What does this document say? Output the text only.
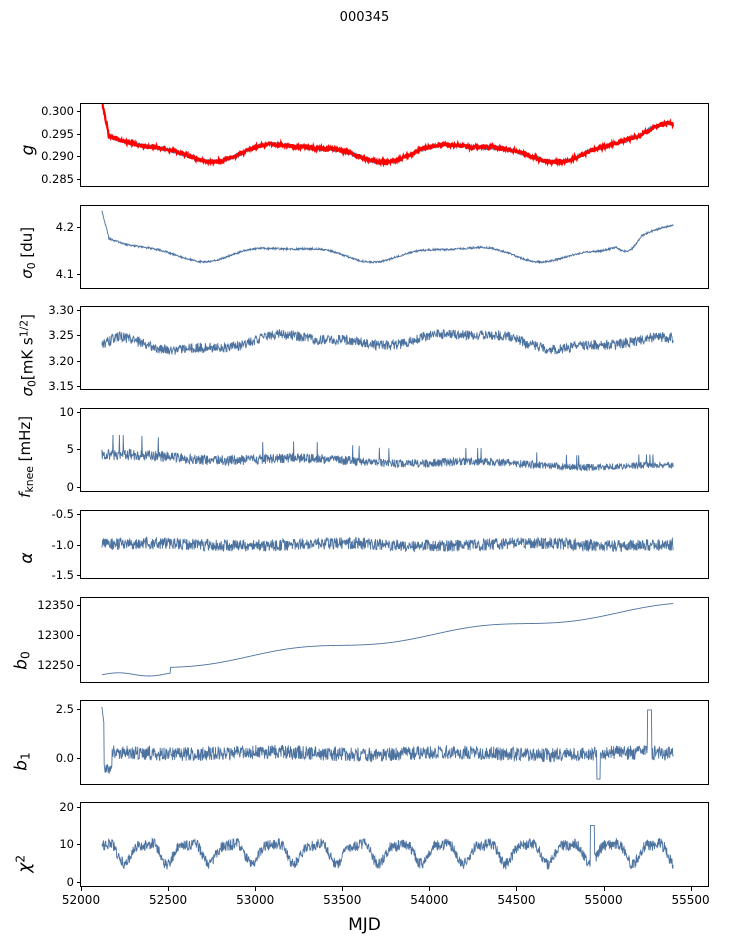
000345
g
$\sigma_0$ [du]
$\sigma_0[mK$ $s^{1/2}$]
$f_{knee}$ [mHz]
α
$b_0$
$b_1$
$\chi^2$
MJD
0.285
0.290
0.295
0.300
4.1
4.2
3.15
3.20
3.25
3.30
0
5
10
-1.5
-1.0
-0.5
12250
12300
12350
0.0
2.5
0
10
20
52000	52500	53000	53500	54000	54500	55000	55500
